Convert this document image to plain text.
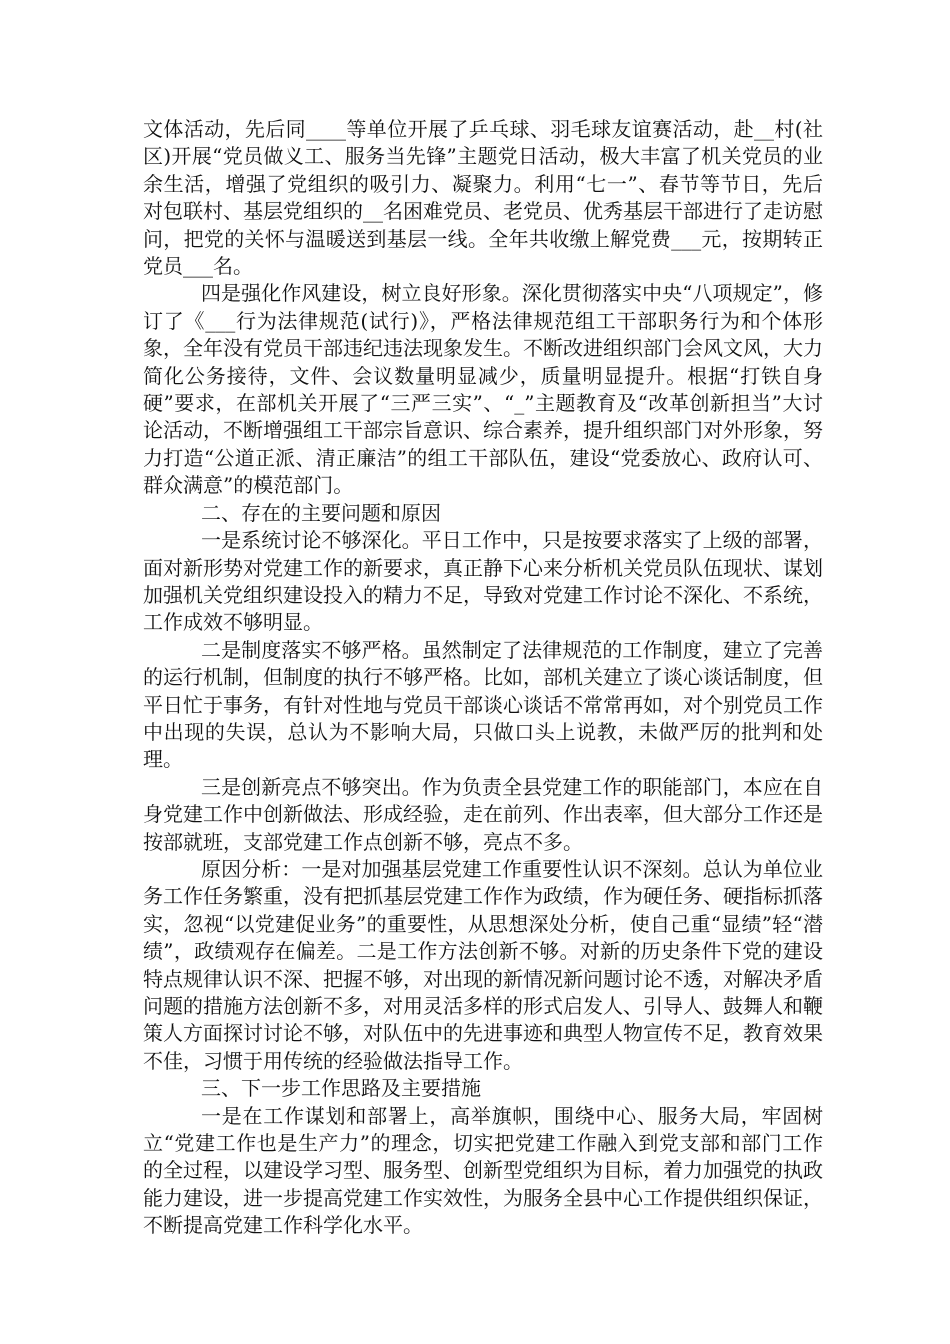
文体活动，先后同____等单位开展了乒乓球、羽毛球友谊赛活动，赴__村(社区)开展“党员做义工、服务当先锋”主题党日活动，极大丰富了机关党员的业余生活，增强了党组织的吸引力、凝聚力。利用“七一”、春节等节日，先后对包联村、基层党组织的__名困难党员、老党员、优秀基层干部进行了走访慰问，把党的关怀与温暖送到基层一线。全年共收缴上解党费___元，按期转正党员___名。

四是强化作风建设，树立良好形象。深化贯彻落实中央“八项规定”，修订了《___行为法律规范(试行)》，严格法律规范组工干部职务行为和个体形象，全年没有党员干部违纪违法现象发生。不断改进组织部门会风文风，大力简化公务接待，文件、会议数量明显减少，质量明显提升。根据“打铁自身硬”要求，在部机关开展了“三严三实”、“_”主题教育及“改革创新担当”大讨论活动，不断增强组工干部宗旨意识、综合素养，提升组织部门对外形象，努力打造“公道正派、清正廉洁”的组工干部队伍，建设“党委放心、政府认可、群众满意”的模范部门。

二、存在的主要问题和原因

一是系统讨论不够深化。平日工作中，只是按要求落实了上级的部署，面对新形势对党建工作的新要求，真正静下心来分析机关党员队伍现状、谋划加强机关党组织建设投入的精力不足，导致对党建工作讨论不深化、不系统，工作成效不够明显。

二是制度落实不够严格。虽然制定了法律规范的工作制度，建立了完善的运行机制，但制度的执行不够严格。比如，部机关建立了谈心谈话制度，但平日忙于事务，有针对性地与党员干部谈心谈话不常常再如，对个别党员工作中出现的失误，总认为不影响大局，只做口头上说教，未做严厉的批判和处理。

三是创新亮点不够突出。作为负责全县党建工作的职能部门，本应在自身党建工作中创新做法、形成经验，走在前列、作出表率，但大部分工作还是按部就班，支部党建工作点创新不够，亮点不多。

原因分析：一是对加强基层党建工作重要性认识不深刻。总认为单位业务工作任务繁重，没有把抓基层党建工作作为政绩，作为硬任务、硬指标抓落实，忽视“以党建促业务”的重要性，从思想深处分析，使自己重“显绩”轻“潜绩”，政绩观存在偏差。二是工作方法创新不够。对新的历史条件下党的建设特点规律认识不深、把握不够，对出现的新情况新问题讨论不透，对解决矛盾问题的措施方法创新不多，对用灵活多样的形式启发人、引导人、鼓舞人和鞭策人方面探讨讨论不够，对队伍中的先进事迹和典型人物宣传不足，教育效果不佳，习惯于用传统的经验做法指导工作。

三、下一步工作思路及主要措施

一是在工作谋划和部署上，高举旗帜，围绕中心、服务大局，牢固树立“党建工作也是生产力”的理念，切实把党建工作融入到党支部和部门工作的全过程，以建设学习型、服务型、创新型党组织为目标，着力加强党的执政能力建设，进一步提高党建工作实效性，为服务全县中心工作提供组织保证，不断提高党建工作科学化水平。
